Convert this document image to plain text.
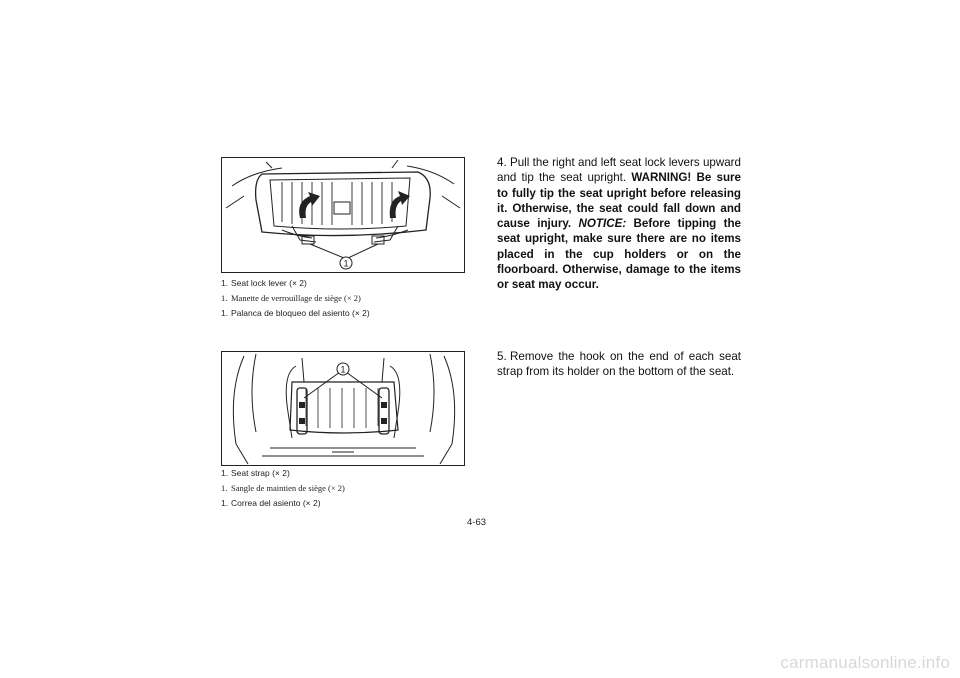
1
1. Seat lock lever (× 2)
1. Manette de verrouillage de siège (× 2)
1. Palanca de bloqueo del asiento (× 2)
1
1. Seat strap (× 2)
1. Sangle de maintien de siège (× 2)
1. Correa del asiento (× 2)
4. Pull the right and left seat lock levers upward and tip the seat upright. WARNING! Be sure to fully tip the seat upright before releasing it. Otherwise, the seat could fall down and cause injury. NOTICE: Before tipping the seat upright, make sure there are no items placed in the cup holders or on the floorboard. Otherwise, damage to the items or seat may occur.
5. Remove the hook on the end of each seat strap from its holder on the bottom of the seat.
4-63
carmanualsonline.info
